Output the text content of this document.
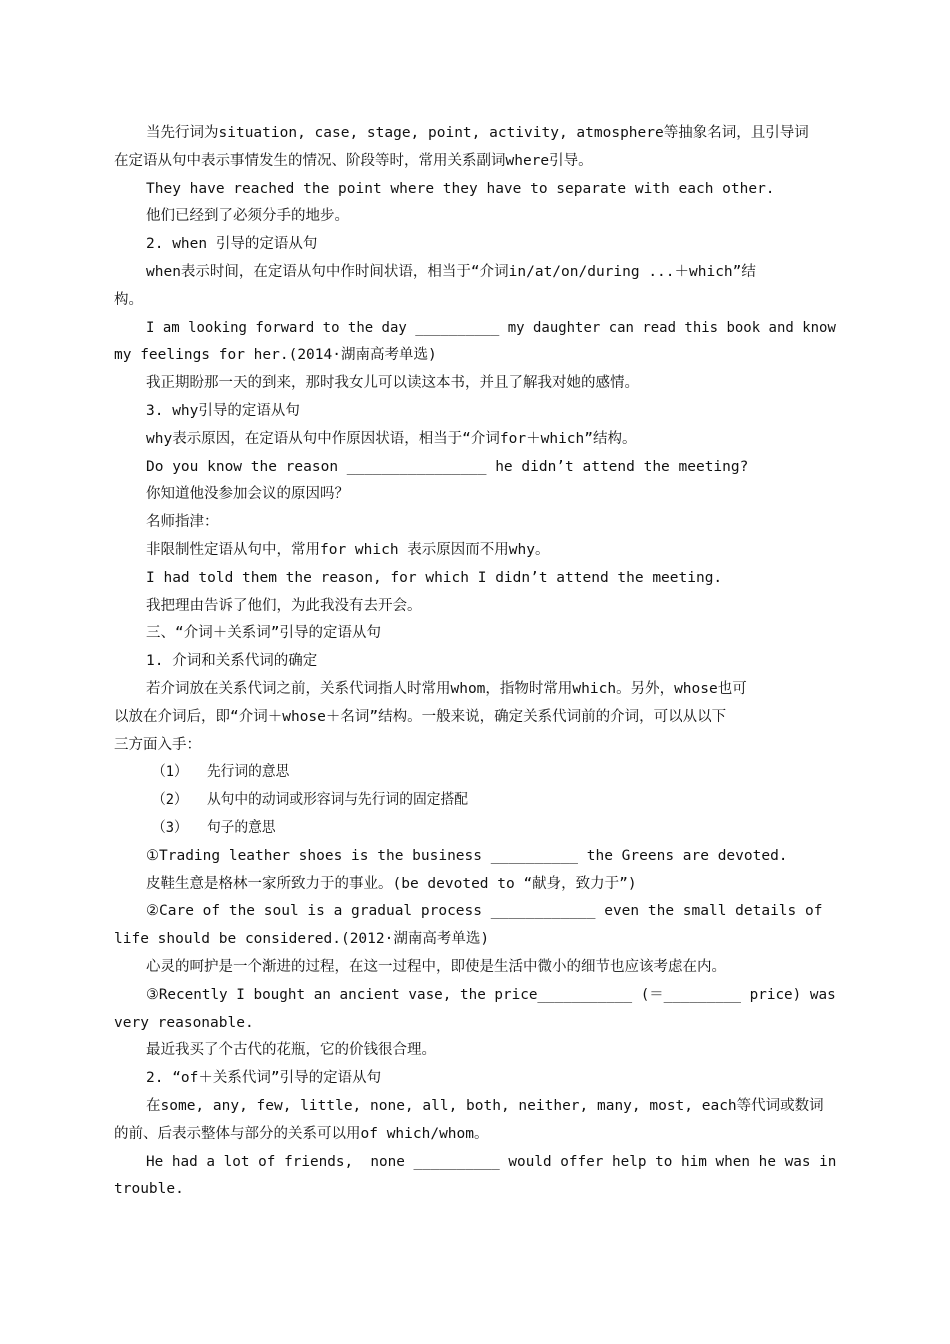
当先行词为situation, case, stage, point, activity, atmosphere等抽象名词，且引导词
在定语从句中表示事情发生的情况、阶段等时，常用关系副词where引导。
They have reached the point where they have to separate with each other.
他们已经到了必须分手的地步。
2. when 引导的定语从句
when表示时间，在定语从句中作时间状语，相当于“介词in/at/on/during ...＋which”结
构。
I am looking forward to the day __________ my daughter can read this book and know
my feelings for her.(2014·湖南高考单选)
我正期盼那一天的到来，那时我女儿可以读这本书，并且了解我对她的感情。
3. why引导的定语从句
why表示原因，在定语从句中作原因状语，相当于“介词for＋which”结构。
Do you know the reason ________________ he didn’t attend the meeting?
你知道他没参加会议的原因吗？
名师指津：
非限制性定语从句中，常用for which 表示原因而不用why。
I had told them the reason, for which I didn’t attend the meeting.
我把理由告诉了他们，为此我没有去开会。
三、“介词＋关系词”引导的定语从句
1. 介词和关系代词的确定
若介词放在关系代词之前，关系代词指人时常用whom，指物时常用which。另外，whose也可
以放在介词后，即“介词＋whose＋名词”结构。一般来说，确定关系代词前的介词，可以从以下
三方面入手：
（1） 先行词的意思
（2） 从句中的动词或形容词与先行词的固定搭配
（3） 句子的意思
①Trading leather shoes is the business __________ the Greens are devoted.
皮鞋生意是格林一家所致力于的事业。(be devoted to “献身，致力于”)
②Care of the soul is a gradual process ____________ even the small details of
life should be considered.(2012·湖南高考单选)
心灵的呵护是一个渐进的过程，在这一过程中，即使是生活中微小的细节也应该考虑在内。
③Recently I bought an ancient vase, the price___________ (＝_________ price) was
very reasonable.
最近我买了个古代的花瓶，它的价钱很合理。
2. “of＋关系代词”引导的定语从句
在some, any, few, little, none, all, both, neither, many, most, each等代词或数词
的前、后表示整体与部分的关系可以用of which/whom。
He had a lot of friends,  none __________ would offer help to him when he was in
trouble.
